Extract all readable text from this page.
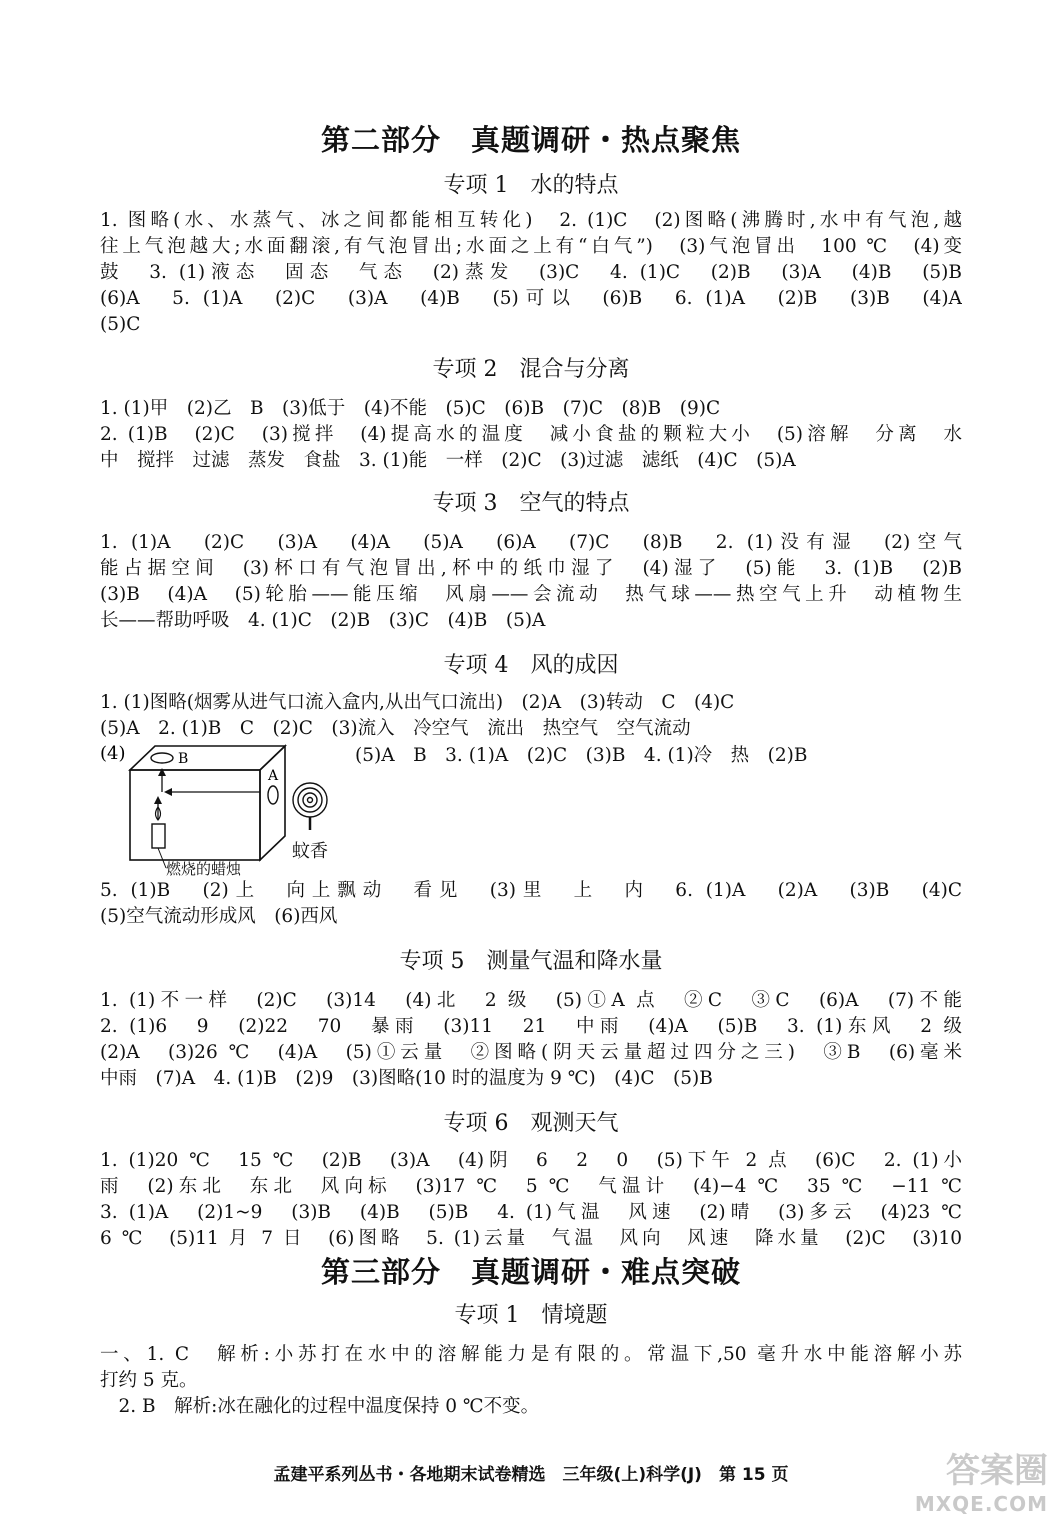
第二部分　真题调研・热点聚焦
专项 1　水的特点
1. 图略(水、水蒸气、冰之间都能相互转化)　2. (1)C　(2)图略(沸腾时,水中有气泡,越
往上气泡越大;水面翻滚,有气泡冒出;水面之上有“白气”)　(3)气泡冒出　100 ℃　(4)变
鼓　3. (1)液态　固态　气态　(2)蒸发　(3)C　4. (1)C　(2)B　(3)A　(4)B　(5)B
(6)A　5. (1)A　(2)C　(3)A　(4)B　(5)可以　(6)B　6. (1)A　(2)B　(3)B　(4)A
(5)C
专项 2　混合与分离
1. (1)甲　(2)乙　B　(3)低于　(4)不能　(5)C　(6)B　(7)C　(8)B　(9)C
2. (1)B　(2)C　(3)搅拌　(4)提高水的温度　减小食盐的颗粒大小　(5)溶解　分离　水
中　搅拌　过滤　蒸发　食盐　3. (1)能　一样　(2)C　(3)过滤　滤纸　(4)C　(5)A
专项 3　空气的特点
1. (1)A　(2)C　(3)A　(4)A　(5)A　(6)A　(7)C　(8)B　2. (1)没有湿　(2)空气
能占据空间　(3)杯口有气泡冒出,杯中的纸巾湿了　(4)湿了　(5)能　3. (1)B　(2)B
(3)B　(4)A　(5)轮胎——能压缩　风扇——会流动　热气球——热空气上升　动植物生
长——帮助呼吸　4. (1)C　(2)B　(3)C　(4)B　(5)A
专项 4　风的成因
1. (1)图略(烟雾从进气口流入盒内,从出气口流出)　(2)A　(3)转动　C　(4)C
(5)A　2. (1)B　C　(2)C　(3)流入　冷空气　流出　热空气　空气流动
(4)	B
A
(5)A　B　3. (1)A　(2)C　(3)B　4. (1)冷　热　(2)B
蚊香
燃烧的蜡烛
5. (1)B　(2)上　向上飘动　看见　(3)里　上　内　6. (1)A　(2)A　(3)B　(4)C
(5)空气流动形成风　(6)西风
专项 5　测量气温和降水量
1. (1)不一样　(2)C　(3)14　(4)北　2 级　(5)①A 点　②C　③C　(6)A　(7)不能
2. (1)6　9　(2)22　70　暴雨　(3)11　21　中雨　(4)A　(5)B　3. (1)东风　2 级
(2)A　(3)26 ℃　(4)A　(5)①云量　②图略(阴天云量超过四分之三)　③B　(6)毫米
中雨　(7)A　4. (1)B　(2)9　(3)图略(10 时的温度为 9 ℃)　(4)C　(5)B
专项 6　观测天气
1. (1)20 ℃　15 ℃　(2)B　(3)A　(4)阴　6　2　0　(5)下午 2 点　(6)C　2. (1)小
雨　(2)东北　东北　风向标　(3)17 ℃　5 ℃　气温计　(4)−4 ℃　35 ℃　−11 ℃
3. (1)A　(2)1~9　(3)B　(4)B　(5)B　4. (1)气温　风速　(2)晴　(3)多云　(4)23 ℃
6 ℃　(5)11 月 7 日　(6)图略　5. (1)云量　气温　风向　风速　降水量　(2)C　(3)10
第三部分　真题调研・难点突破
专项 1　情境题
一、1. C　解析:小苏打在水中的溶解能力是有限的。常温下,50 毫升水中能溶解小苏
打约 5 克。
　2. B　解析:冰在融化的过程中温度保持 0 ℃不变。
孟建平系列丛书・各地期末试卷精选　三年级(上)科学(J)　第 15 页	答案圈
MXQE.COM
